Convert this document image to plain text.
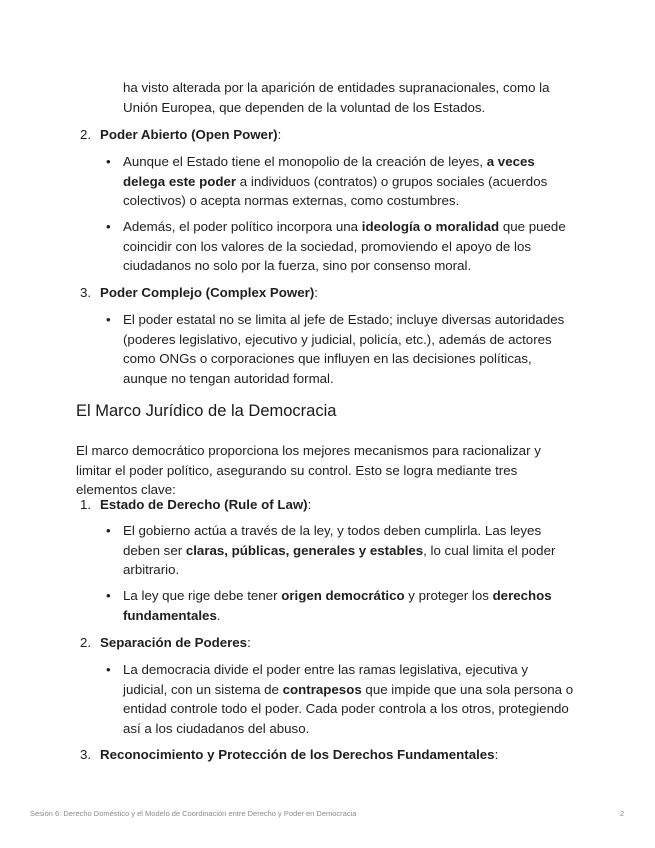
ha visto alterada por la aparición de entidades supranacionales, como la Unión Europea, que dependen de la voluntad de los Estados.

2. Poder Abierto (Open Power):
• Aunque el Estado tiene el monopolio de la creación de leyes, a veces delega este poder a individuos (contratos) o grupos sociales (acuerdos colectivos) o acepta normas externas, como costumbres.
• Además, el poder político incorpora una ideología o moralidad que puede coincidir con los valores de la sociedad, promoviendo el apoyo de los ciudadanos no solo por la fuerza, sino por consenso moral.
3. Poder Complejo (Complex Power):
• El poder estatal no se limita al jefe de Estado; incluye diversas autoridades (poderes legislativo, ejecutivo y judicial, policía, etc.), además de actores como ONGs o corporaciones que influyen en las decisiones políticas, aunque no tengan autoridad formal.
El Marco Jurídico de la Democracia

El marco democrático proporciona los mejores mecanismos para racionalizar y limitar el poder político, asegurando su control. Esto se logra mediante tres elementos clave:

1. Estado de Derecho (Rule of Law):
• El gobierno actúa a través de la ley, y todos deben cumplirla. Las leyes deben ser claras, públicas, generales y estables, lo cual limita el poder arbitrario.
• La ley que rige debe tener origen democrático y proteger los derechos fundamentales.
2. Separación de Poderes:
• La democracia divide el poder entre las ramas legislativa, ejecutiva y judicial, con un sistema de contrapesos que impide que una sola persona o entidad controle todo el poder. Cada poder controla a los otros, protegiendo así a los ciudadanos del abuso.
3. Reconocimiento y Protección de los Derechos Fundamentales:
Sesión 6: Derecho Doméstico y el Modelo de Coordinación entre Derecho y Poder en Democracia	2
